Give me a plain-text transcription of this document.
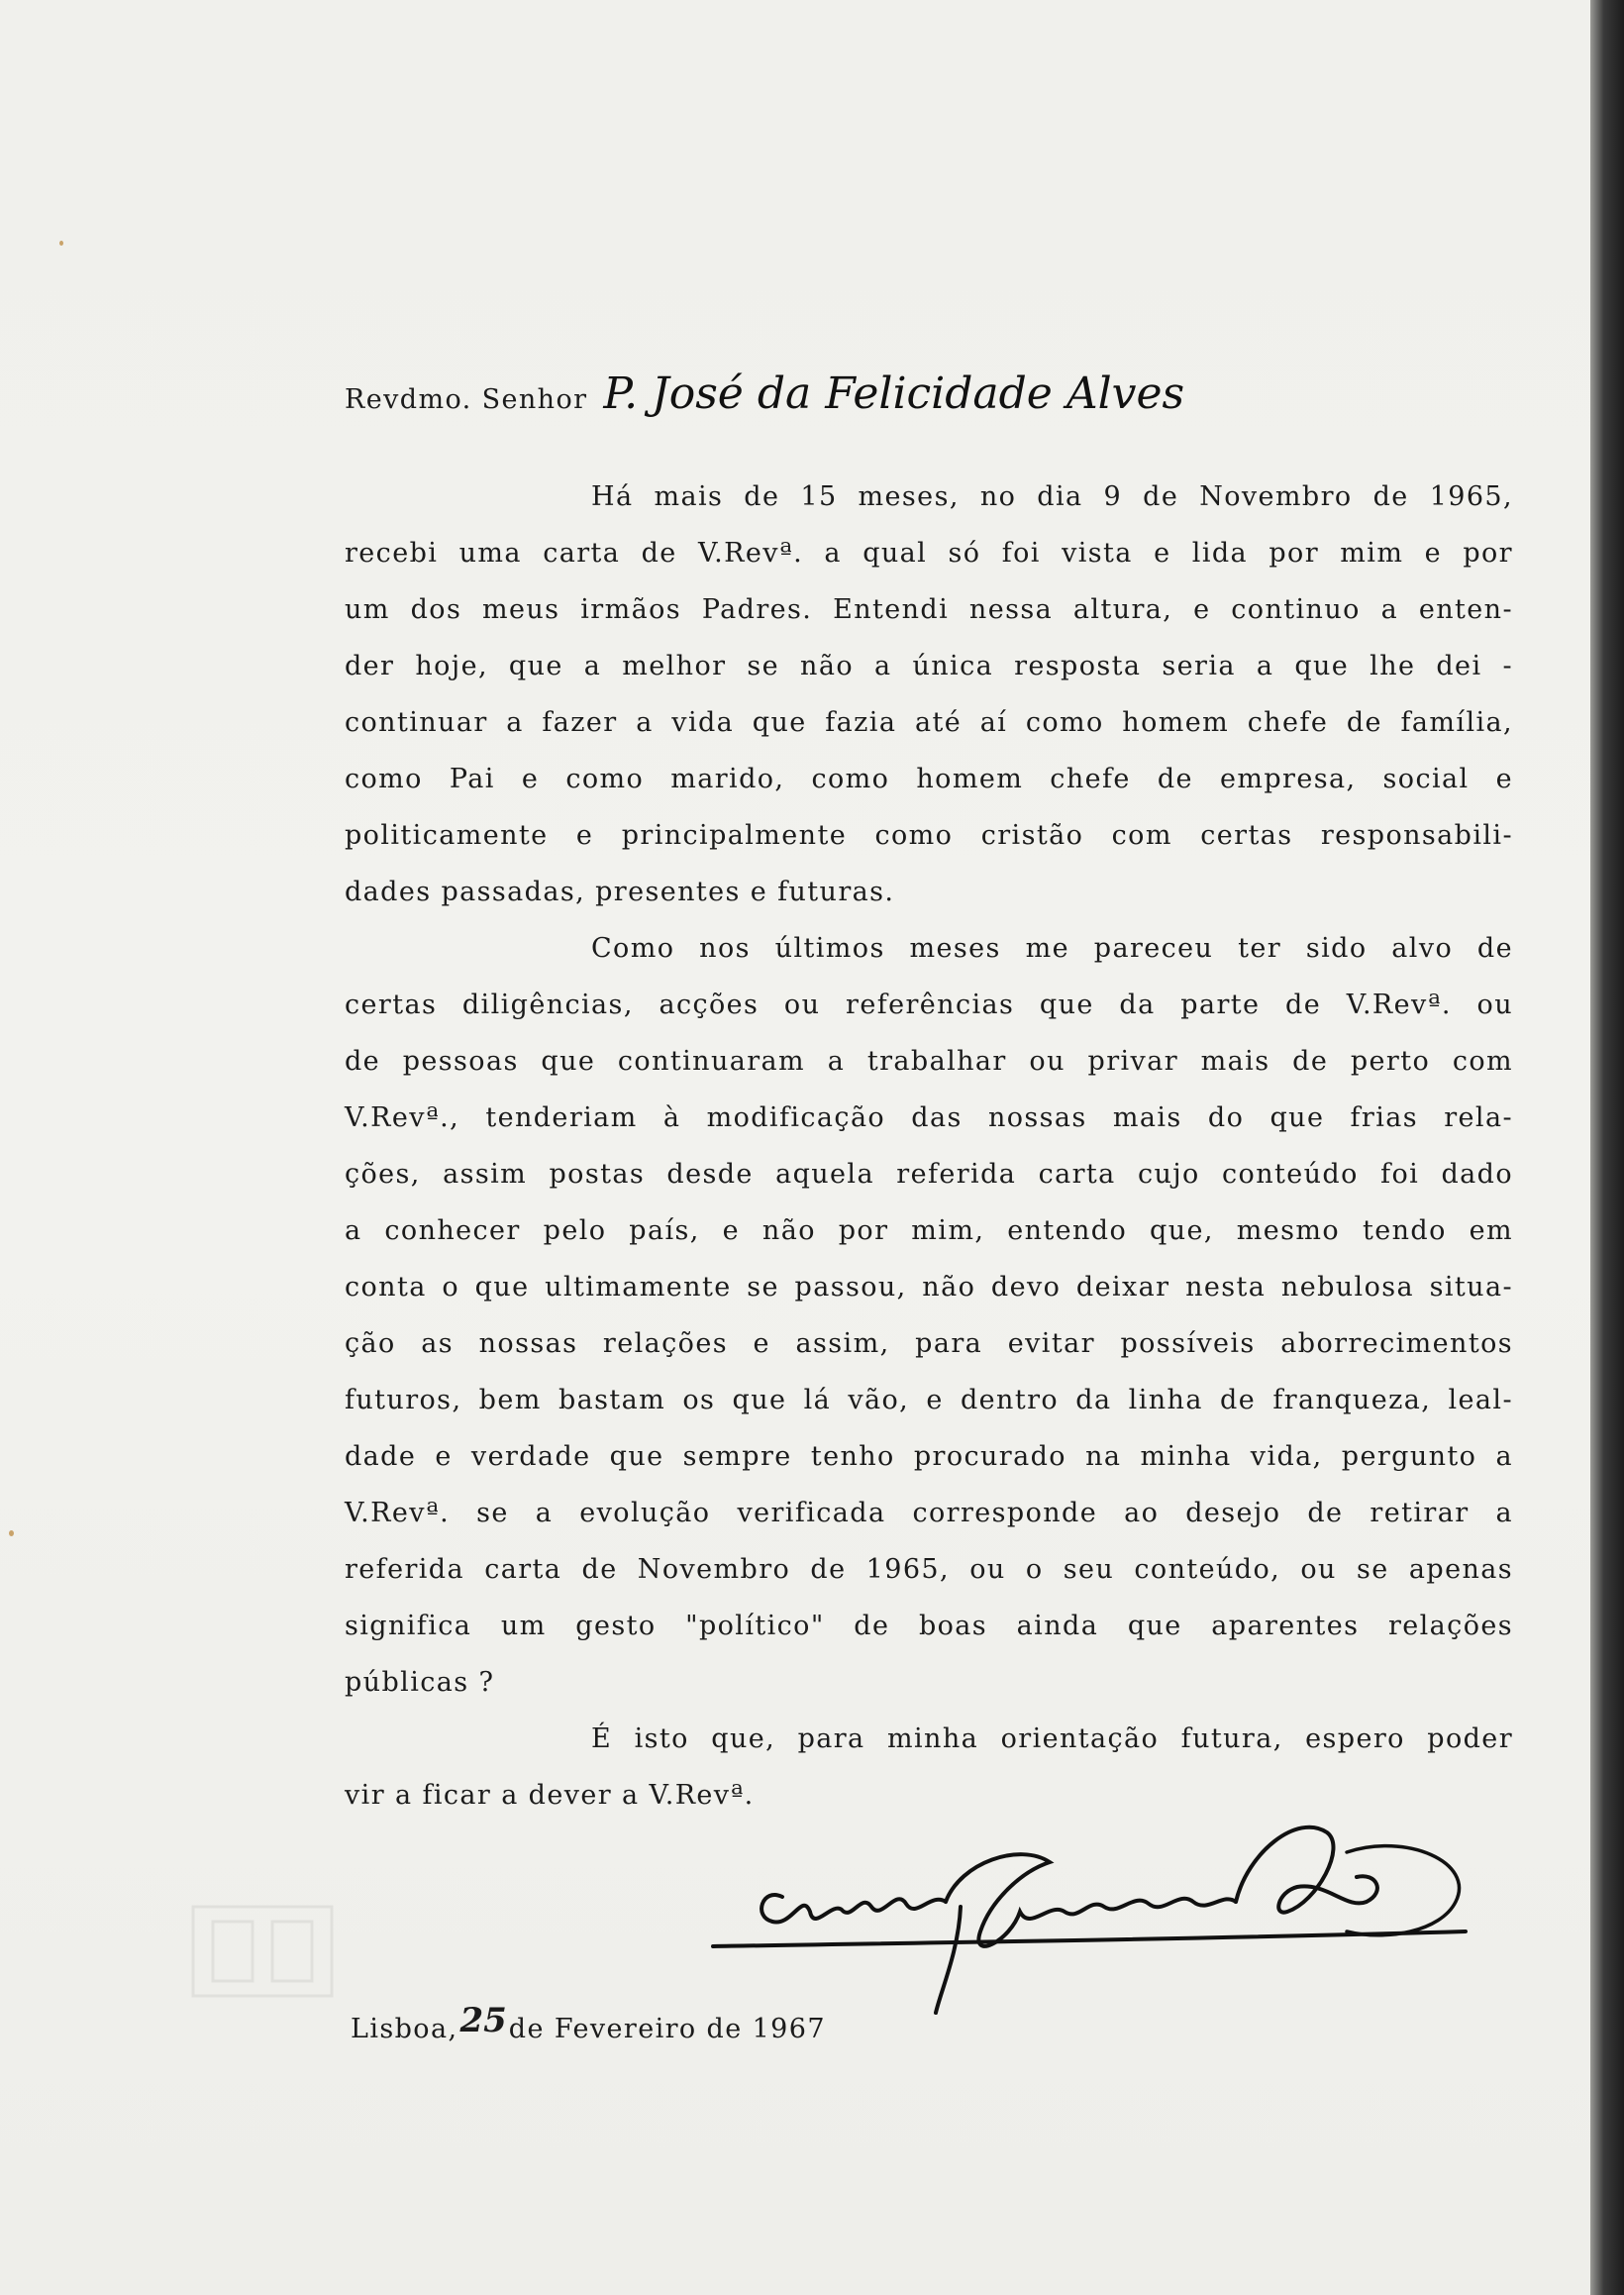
Revdmo. Senhor P. José da Felicidade Alves
Há mais de 15 meses, no dia 9 de Novembro de 1965,
recebi uma carta de V.Revª. a qual só foi vista e lida por mim e por
um dos meus irmãos Padres. Entendi nessa altura, e continuo a enten-
der hoje, que a melhor se não a única resposta seria a que lhe dei -
continuar a fazer a vida que fazia até aí como homem chefe de família,
como Pai e como marido, como homem chefe de empresa, social e
politicamente e principalmente como cristão com certas responsabili-
dades passadas, presentes e futuras.
Como nos últimos meses me pareceu ter sido alvo de
certas diligências, acções ou referências que da parte de V.Revª. ou
de pessoas que continuaram a trabalhar ou privar mais de perto com
V.Revª., tenderiam à modificação das nossas mais do que frias rela-
ções, assim postas desde aquela referida carta cujo conteúdo foi dado
a conhecer pelo país, e não por mim, entendo que, mesmo tendo em
conta o que ultimamente se passou, não devo deixar nesta nebulosa situa-
ção as nossas relações e assim, para evitar possíveis aborrecimentos
futuros, bem bastam os que lá vão, e dentro da linha de franqueza, leal-
dade e verdade que sempre tenho procurado na minha vida, pergunto a
V.Revª. se a evolução verificada corresponde ao desejo de retirar a
referida carta de Novembro de 1965, ou o seu conteúdo, ou se apenas
significa um gesto "político" de boas ainda que aparentes relações
públicas ?
É isto que, para minha orientação futura, espero poder
vir a ficar a dever a V.Revª.
Lisboa,25de Fevereiro de 1967
